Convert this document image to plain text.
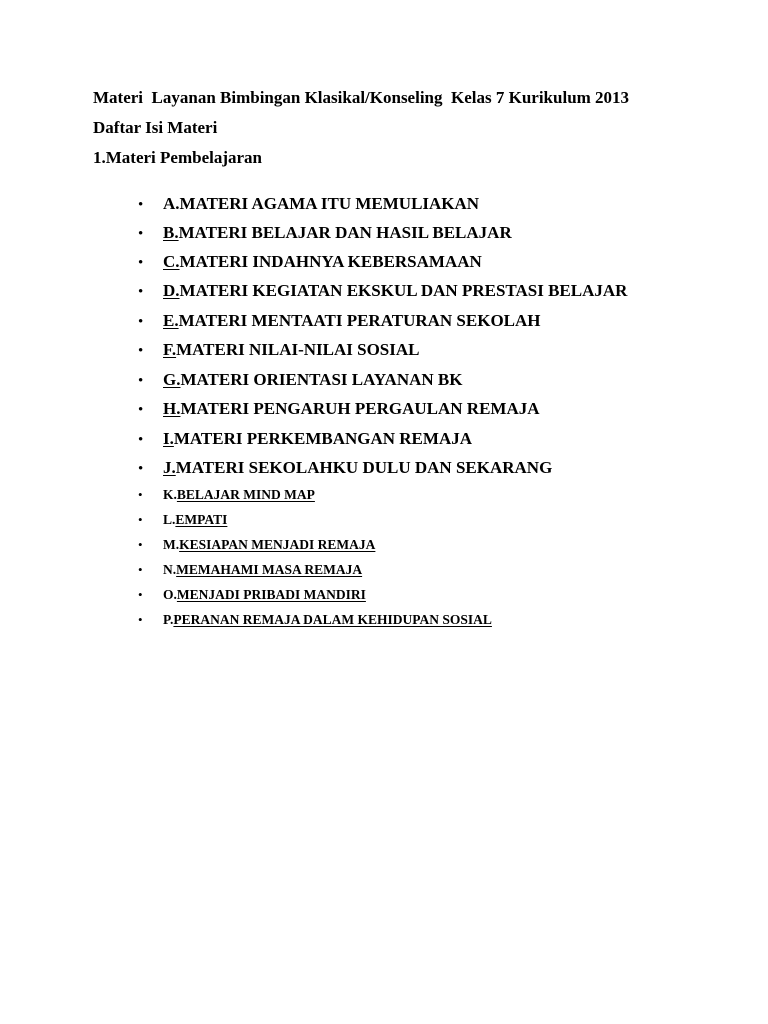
Materi  Layanan Bimbingan Klasikal/Konseling  Kelas 7 Kurikulum 2013
Daftar Isi Materi
1.Materi Pembelajaran
• A.MATERI AGAMA ITU MEMULIAKAN
• B.MATERI BELAJAR DAN HASIL BELAJAR
• C.MATERI INDAHNYA KEBERSAMAAN
• D.MATERI KEGIATAN EKSKUL DAN PRESTASI BELAJAR
• E.MATERI MENTAATI PERATURAN SEKOLAH
• F.MATERI NILAI-NILAI SOSIAL
• G.MATERI ORIENTASI LAYANAN BK
• H.MATERI PENGARUH PERGAULAN REMAJA
• I.MATERI PERKEMBANGAN REMAJA
• J.MATERI SEKOLAHKU DULU DAN SEKARANG
• K.BELAJAR MIND MAP
• L.EMPATI
• M.KESIAPAN MENJADI REMAJA
• N.MEMAHAMI MASA REMAJA
• O.MENJADI PRIBADI MANDIRI
• P.PERANAN REMAJA DALAM KEHIDUPAN SOSIAL
